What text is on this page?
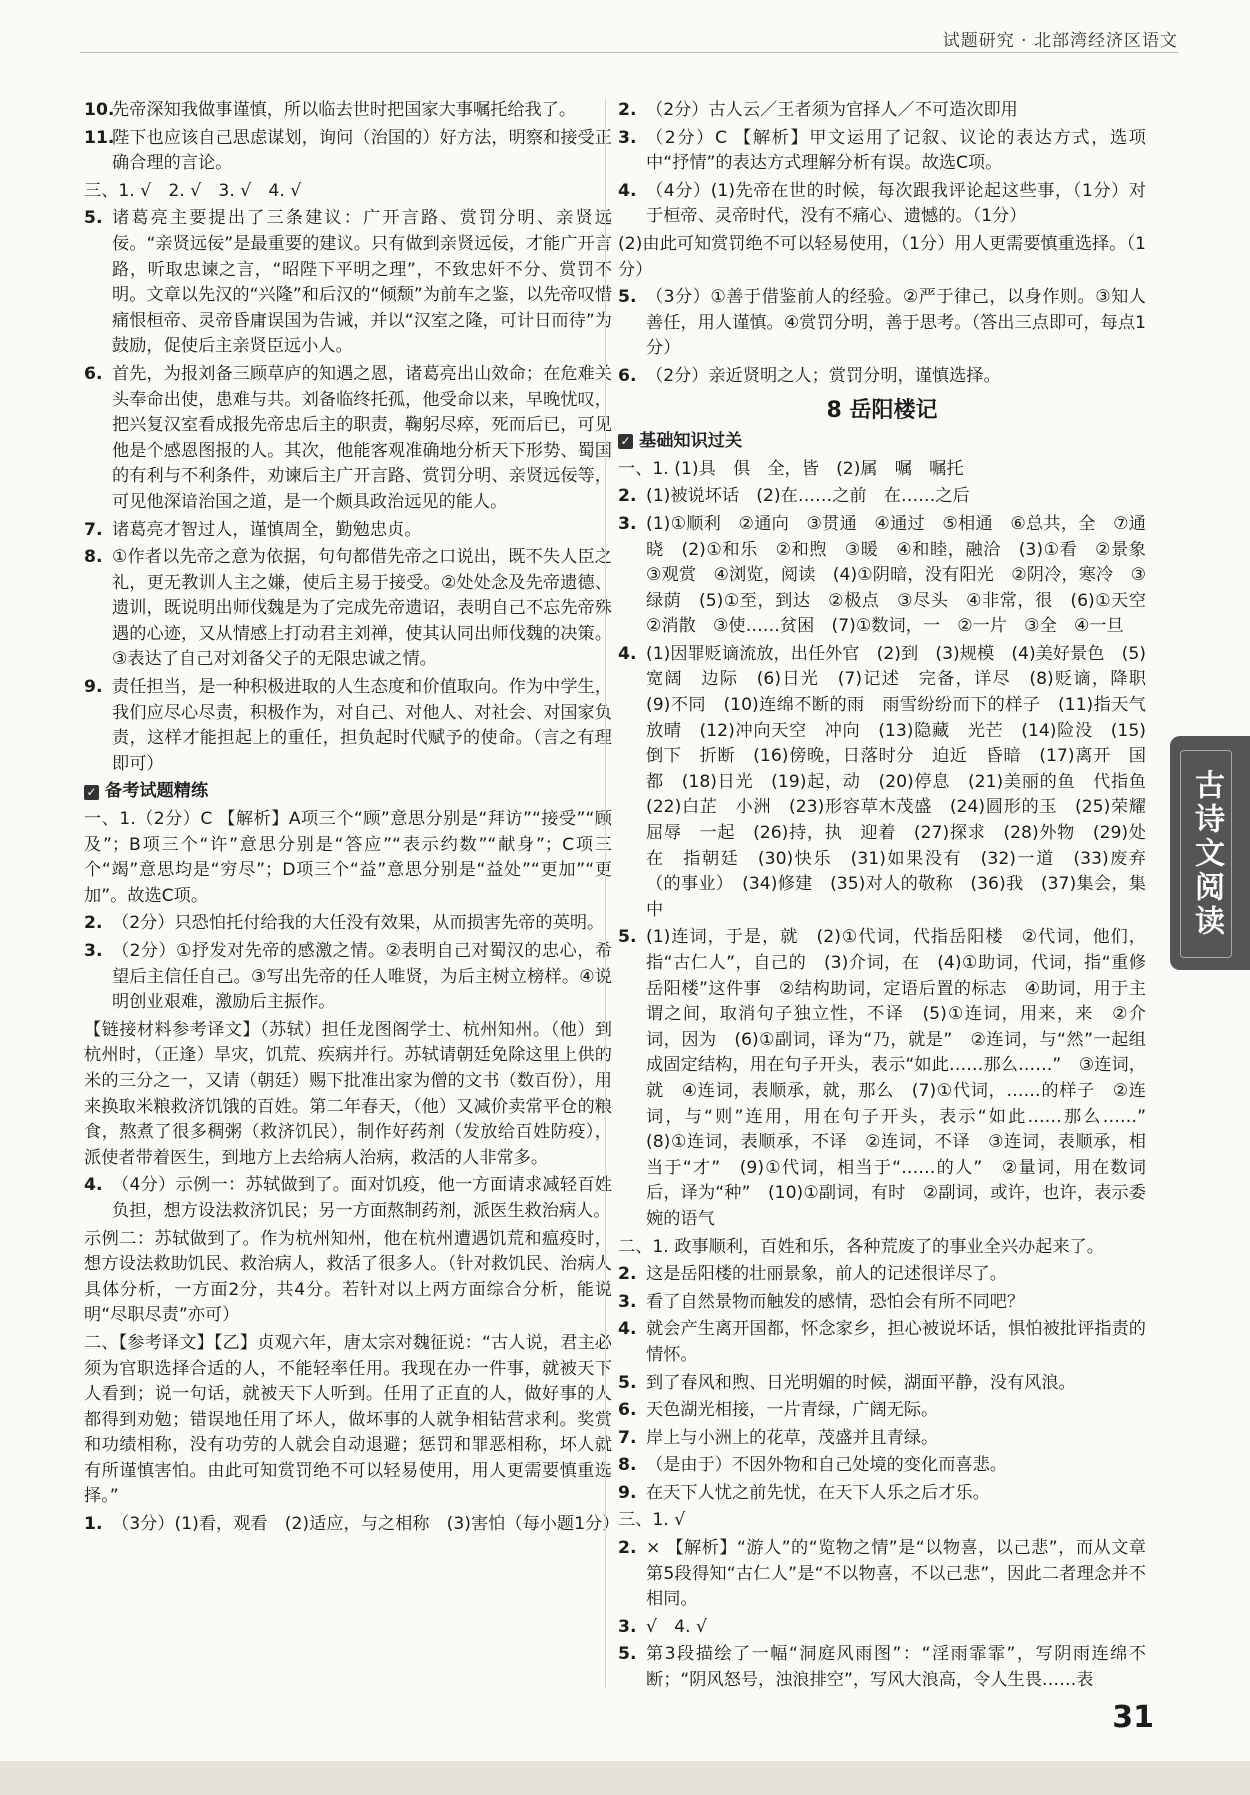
试题研究 · 北部湾经济区语文
10.
先帝深知我做事谨慎，所以临去世时把国家大事嘱托给我了。
11.
陛下也应该自己思虑谋划，询问（治国的）好方法，明察和接受正确合理的言论。
三、1. √　2. √　3. √　4. √
5. 诸葛亮主要提出了三条建议：广开言路、赏罚分明、亲贤远佞。“亲贤远佞”是最重要的建议。只有做到亲贤远佞，才能广开言路，听取忠谏之言，“昭陛下平明之理”，不致忠奸不分、赏罚不明。文章以先汉的“兴隆”和后汉的“倾颓”为前车之鉴，以先帝叹惜痛恨桓帝、灵帝昏庸误国为告诫，并以“汉室之隆，可计日而待”为鼓励，促使后主亲贤臣远小人。
6. 首先，为报刘备三顾草庐的知遇之恩，诸葛亮出山效命；在危难关头奉命出使，患难与共。刘备临终托孤，他受命以来，早晚忧叹，把兴复汉室看成报先帝忠后主的职责，鞠躬尽瘁，死而后已，可见他是个感恩图报的人。其次，他能客观准确地分析天下形势、蜀国的有利与不利条件，劝谏后主广开言路、赏罚分明、亲贤远佞等，可见他深谙治国之道，是一个颇具政治远见的能人。
7. 诸葛亮才智过人，谨慎周全，勤勉忠贞。
8. ①作者以先帝之意为依据，句句都借先帝之口说出，既不失人臣之礼，更无教训人主之嫌，使后主易于接受。②处处念及先帝遗德、遗训，既说明出师伐魏是为了完成先帝遗诏，表明自己不忘先帝殊遇的心迹，又从情感上打动君主刘禅，使其认同出师伐魏的决策。③表达了自己对刘备父子的无限忠诚之情。
9. 责任担当，是一种积极进取的人生态度和价值取向。作为中学生，我们应尽心尽责，积极作为，对自己、对他人、对社会、对国家负责，这样才能担起上的重任，担负起时代赋予的使命。（言之有理即可）
✓ 备考试题精练
一、1.（2分）C 【解析】A项三个“顾”意思分别是“拜访”“接受”“顾及”；B项三个“许”意思分别是“答应”“表示约数”“献身”；C项三个“竭”意思均是“穷尽”；D项三个“益”意思分别是“益处”“更加”“更加”。故选C项。
2. （2分）只恐怕托付给我的大任没有效果，从而损害先帝的英明。
3. （2分）①抒发对先帝的感激之情。②表明自己对蜀汉的忠心，希望后主信任自己。③写出先帝的任人唯贤，为后主树立榜样。④说明创业艰难，激励后主振作。
【链接材料参考译文】（苏轼）担任龙图阁学士、杭州知州。（他）到杭州时，（正逢）旱灾，饥荒、疾病并行。苏轼请朝廷免除这里上供的米的三分之一，又请（朝廷）赐下批准出家为僧的文书（数百份），用来换取米粮救济饥饿的百姓。第二年春天，（他）又减价卖常平仓的粮食，熬煮了很多稠粥（救济饥民），制作好药剂（发放给百姓防疫），派使者带着医生，到地方上去给病人治病，救活的人非常多。
4. （4分）示例一：苏轼做到了。面对饥疫，他一方面请求减轻百姓负担，想方设法救济饥民；另一方面熬制药剂，派医生救治病人。
示例二：苏轼做到了。作为杭州知州，他在杭州遭遇饥荒和瘟疫时，想方设法救助饥民、救治病人，救活了很多人。（针对救饥民、治病人具体分析，一方面2分，共4分。若针对以上两方面综合分析，能说明“尽职尽责”亦可）
二、【参考译文】【乙】贞观六年，唐太宗对魏征说：“古人说，君主必须为官职选择合适的人，不能轻率任用。我现在办一件事，就被天下人看到；说一句话，就被天下人听到。任用了正直的人，做好事的人都得到劝勉；错误地任用了坏人，做坏事的人就争相钻营求利。奖赏和功绩相称，没有功劳的人就会自动退避；惩罚和罪恶相称，坏人就有所谨慎害怕。由此可知赏罚绝不可以轻易使用，用人更需要慎重选择。”
1. （3分）(1)看，观看　(2)适应，与之相称　(3)害怕（每小题1分）
2. （2分）古人云／王者须为官择人／不可造次即用
3. （2分）C 【解析】甲文运用了记叙、议论的表达方式，选项中“抒情”的表达方式理解分析有误。故选C项。
4. （4分）(1)先帝在世的时候，每次跟我评论起这些事，（1分）对于桓帝、灵帝时代，没有不痛心、遗憾的。（1分）
(2)由此可知赏罚绝不可以轻易使用，（1分）用人更需要慎重选择。（1分）
5. （3分）①善于借鉴前人的经验。②严于律己，以身作则。③知人善任，用人谨慎。④赏罚分明，善于思考。（答出三点即可，每点1分）
6. （2分）亲近贤明之人；赏罚分明，谨慎选择。
8 岳阳楼记
✓ 基础知识过关
一、1. (1)具　俱　全，皆　(2)属　嘱　嘱托
2. (1)被说坏话　(2)在……之前　在……之后
3. (1)①顺利　②通向　③贯通　④通过　⑤相通　⑥总共，全　⑦通晓　(2)①和乐　②和煦　③暖　④和睦，融洽　(3)①看　②景象　③观赏　④浏览，阅读　(4)①阴暗，没有阳光　②阴冷，寒冷　③绿荫　(5)①至，到达　②极点　③尽头　④非常，很　(6)①天空　②消散　③使……贫困　(7)①数词，一　②一片　③全　④一旦
4. (1)因罪贬谪流放，出任外官　(2)到　(3)规模　(4)美好景色　(5)宽阔　边际　(6)日光　(7)记述　完备，详尽　(8)贬谪，降职　(9)不同　(10)连绵不断的雨　雨雪纷纷而下的样子　(11)指天气放晴　(12)冲向天空　冲向　(13)隐藏　光芒　(14)险没　(15)倒下　折断　(16)傍晚，日落时分　迫近　昏暗　(17)离开　国都　(18)日光　(19)起，动　(20)停息　(21)美丽的鱼　代指鱼　(22)白芷　小洲　(23)形容草木茂盛　(24)圆形的玉　(25)荣耀　屈辱　一起　(26)持，执　迎着　(27)探求　(28)外物　(29)处在　指朝廷　(30)快乐　(31)如果没有　(32)一道　(33)废弃（的事业）　(34)修建　(35)对人的敬称　(36)我　(37)集会，集中
5. (1)连词，于是，就　(2)①代词，代指岳阳楼　②代词，他们，指“古仁人”，自己的　(3)介词，在　(4)①助词，代词，指“重修岳阳楼”这件事　②结构助词，定语后置的标志　④助词，用于主谓之间，取消句子独立性，不译　(5)①连词，用来，来　②介词，因为　(6)①副词，译为“乃，就是”　②连词，与“然”一起组成固定结构，用在句子开头，表示“如此……那么……”　③连词，就　④连词，表顺承，就，那么　(7)①代词，……的样子　②连词，与“则”连用，用在句子开头，表示“如此……那么……”　(8)①连词，表顺承，不译　②连词，不译　③连词，表顺承，相当于“才”　(9)①代词，相当于“……的人”　②量词，用在数词后，译为“种”　(10)①副词，有时　②副词，或许，也许，表示委婉的语气
二、1. 政事顺利，百姓和乐，各种荒废了的事业全兴办起来了。
2. 这是岳阳楼的壮丽景象，前人的记述很详尽了。
3. 看了自然景物而触发的感情，恐怕会有所不同吧？
4. 就会产生离开国都，怀念家乡，担心被说坏话，惧怕被批评指责的情怀。
5. 到了春风和煦、日光明媚的时候，湖面平静，没有风浪。
6. 天色湖光相接，一片青绿，广阔无际。
7. 岸上与小洲上的花草，茂盛并且青绿。
8. （是由于）不因外物和自己处境的变化而喜悲。
9. 在天下人忧之前先忧，在天下人乐之后才乐。
三、1. √
2. × 【解析】“游人”的“览物之情”是“以物喜，以己悲”，而从文章第5段得知“古仁人”是“不以物喜，不以己悲”，因此二者理念并不相同。
3. √　4. √
5. 第3段描绘了一幅“洞庭风雨图”：“淫雨霏霏”，写阴雨连绵不断；“阴风怒号，浊浪排空”，写风大浪高，令人生畏……表
古诗文阅读
31
